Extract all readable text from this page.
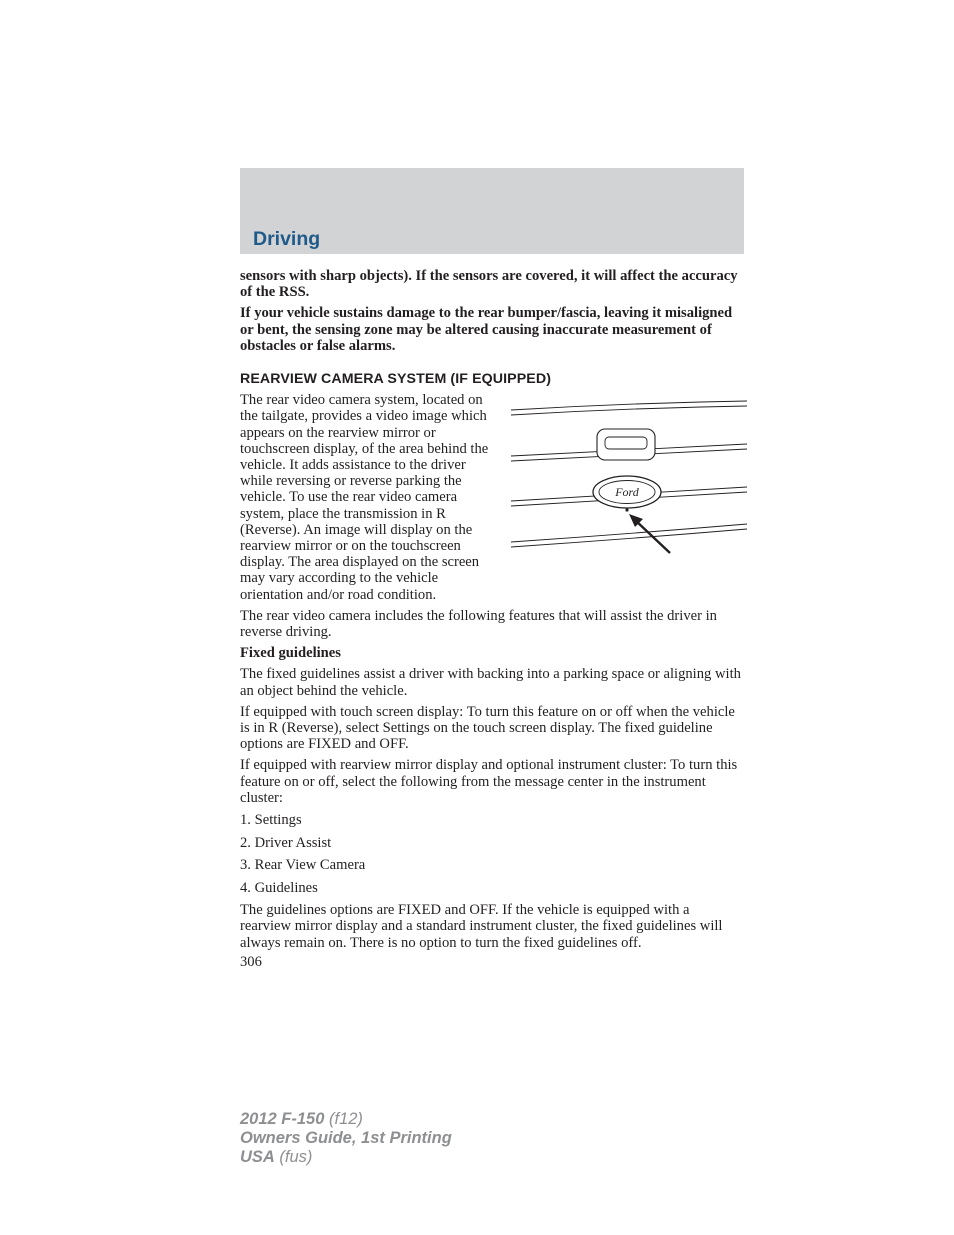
Driving

sensors with sharp objects). If the sensors are covered, it will affect the accuracy of the RSS.

If your vehicle sustains damage to the rear bumper/fascia, leaving it misaligned or bent, the sensing zone may be altered causing inaccurate measurement of obstacles or false alarms.

REARVIEW CAMERA SYSTEM (IF EQUIPPED)

Ford

The rear video camera system, located on the tailgate, provides a video image which appears on the rearview mirror or touchscreen display, of the area behind the vehicle. It adds assistance to the driver while reversing or reverse parking the vehicle. To use the rear video camera system, place the transmission in R (Reverse). An image will display on the rearview mirror or on the touchscreen display. The area displayed on the screen may vary according to the vehicle orientation and/or road condition.

The rear video camera includes the following features that will assist the driver in reverse driving.

Fixed guidelines

The fixed guidelines assist a driver with backing into a parking space or aligning with an object behind the vehicle.

If equipped with touch screen display: To turn this feature on or off when the vehicle is in R (Reverse), select Settings on the touch screen display. The fixed guideline options are FIXED and OFF.

If equipped with rearview mirror display and optional instrument cluster: To turn this feature on or off, select the following from the message center in the instrument cluster:

1. Settings

2. Driver Assist

3. Rear View Camera

4. Guidelines

The guidelines options are FIXED and OFF. If the vehicle is equipped with a rearview mirror display and a standard instrument cluster, the fixed guidelines will always remain on. There is no option to turn the fixed guidelines off.

306

2012 F-150 (f12)
Owners Guide, 1st Printing
USA (fus)
